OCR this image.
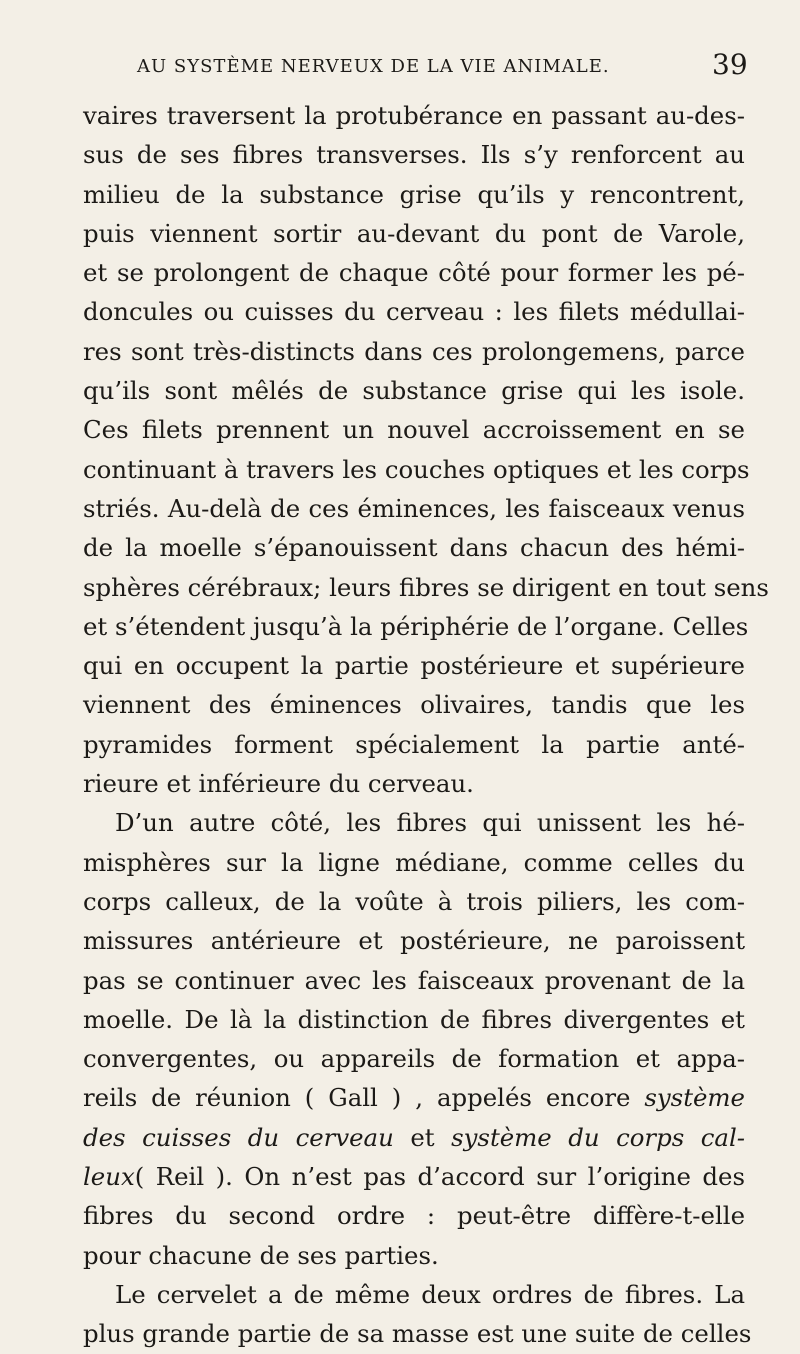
AU SYSTÈME NERVEUX DE LA VIE ANIMALE.	39
vaires traversent la protubérance en passant au-des-
sus de ses fibres transverses. Ils s’y renforcent au
milieu de la substance grise qu’ils y rencontrent,
puis viennent sortir au-devant du pont de Varole,
et se prolongent de chaque côté pour former les pé-
doncules ou cuisses du cerveau : les filets médullai-
res sont très-distincts dans ces prolongemens, parce
qu’ils sont mêlés de substance grise qui les isole.
Ces filets prennent un nouvel accroissement en se
continuant à travers les couches optiques et les corps
striés. Au-delà de ces éminences, les faisceaux venus
de la moelle s’épanouissent dans chacun des hémi-
sphères cérébraux; leurs fibres se dirigent en tout sens
et s’étendent jusqu’à la périphérie de l’organe. Celles
qui en occupent la partie postérieure et supérieure
viennent des éminences olivaires, tandis que les
pyramides forment spécialement la partie anté-
rieure et inférieure du cerveau.
D’un autre côté, les fibres qui unissent les hé-
misphères sur la ligne médiane, comme celles du
corps calleux, de la voûte à trois piliers, les com-
missures antérieure et postérieure, ne paroissent
pas se continuer avec les faisceaux provenant de la
moelle. De là la distinction de fibres divergentes et
convergentes, ou appareils de formation et appa-
reils de réunion ( Gall ) , appelés encore système
des cuisses du cerveau et système du corps cal-
leux( Reil ). On n’est pas d’accord sur l’origine des
fibres du second ordre : peut-être diffère-t-elle
pour chacune de ses parties.
Le cervelet a de même deux ordres de fibres. La
plus grande partie de sa masse est une suite de celles
